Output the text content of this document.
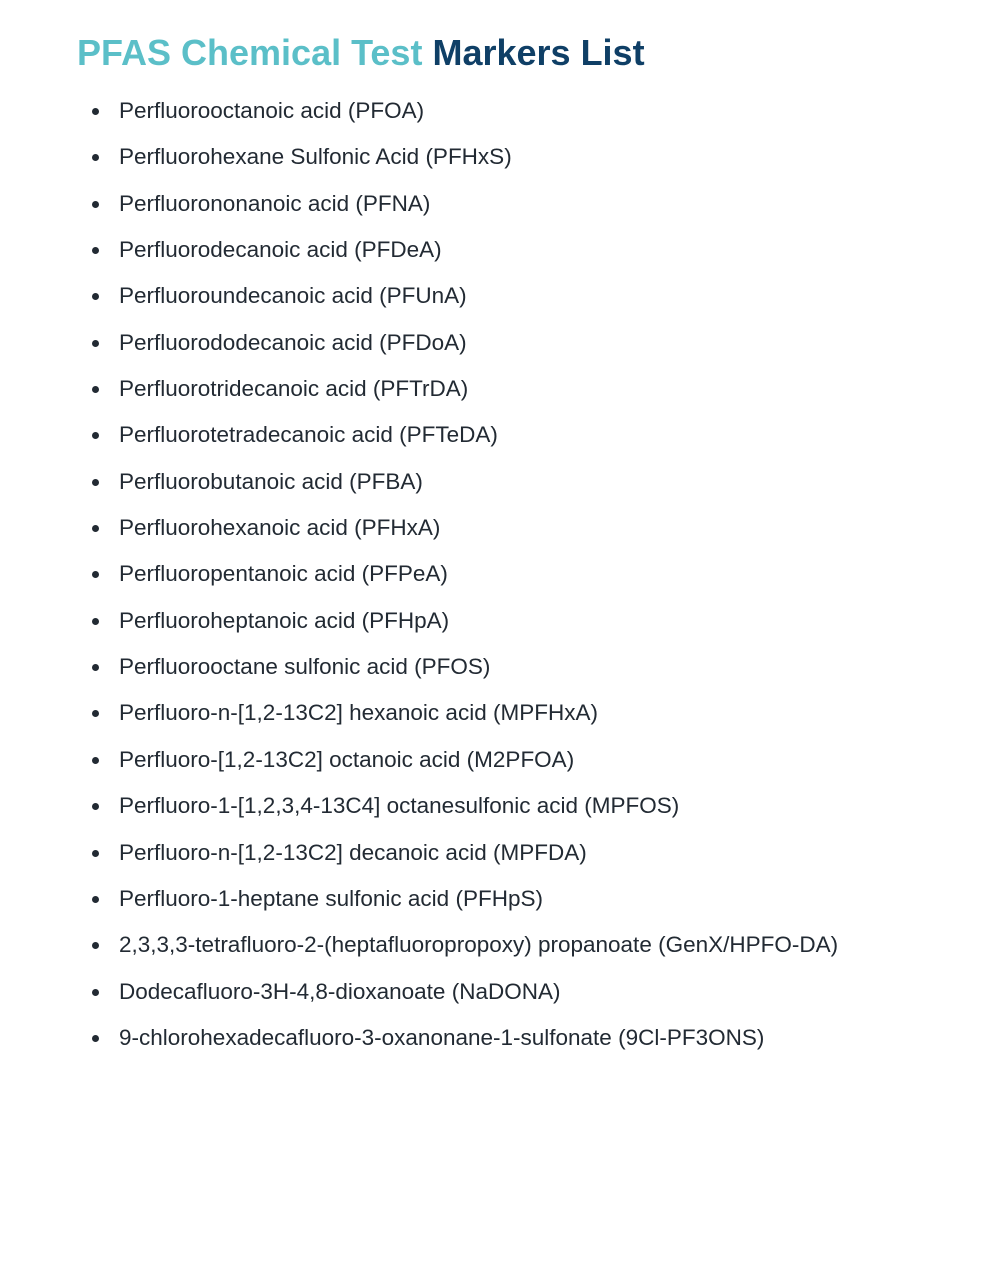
PFAS Chemical Test Markers List
Perfluorooctanoic acid (PFOA)
Perfluorohexane Sulfonic Acid (PFHxS)
Perfluorononanoic acid (PFNA)
Perfluorodecanoic acid (PFDeA)
Perfluoroundecanoic acid (PFUnA)
Perfluorododecanoic acid (PFDoA)
Perfluorotridecanoic acid (PFTrDA)
Perfluorotetradecanoic acid (PFTeDA)
Perfluorobutanoic acid (PFBA)
Perfluorohexanoic acid (PFHxA)
Perfluoropentanoic acid (PFPeA)
Perfluoroheptanoic acid (PFHpA)
Perfluorooctane sulfonic acid (PFOS)
Perfluoro-n-[1,2-13C2] hexanoic acid (MPFHxA)
Perfluoro-[1,2-13C2] octanoic acid (M2PFOA)
Perfluoro-1-[1,2,3,4-13C4] octanesulfonic acid (MPFOS)
Perfluoro-n-[1,2-13C2] decanoic acid (MPFDA)
Perfluoro-1-heptane sulfonic acid (PFHpS)
2,3,3,3-tetrafluoro-2-(heptafluoropropoxy) propanoate (GenX/HPFO-DA)
Dodecafluoro-3H-4,8-dioxanoate (NaDONA)
9-chlorohexadecafluoro-3-oxanonane-1-sulfonate (9Cl-PF3ONS)
